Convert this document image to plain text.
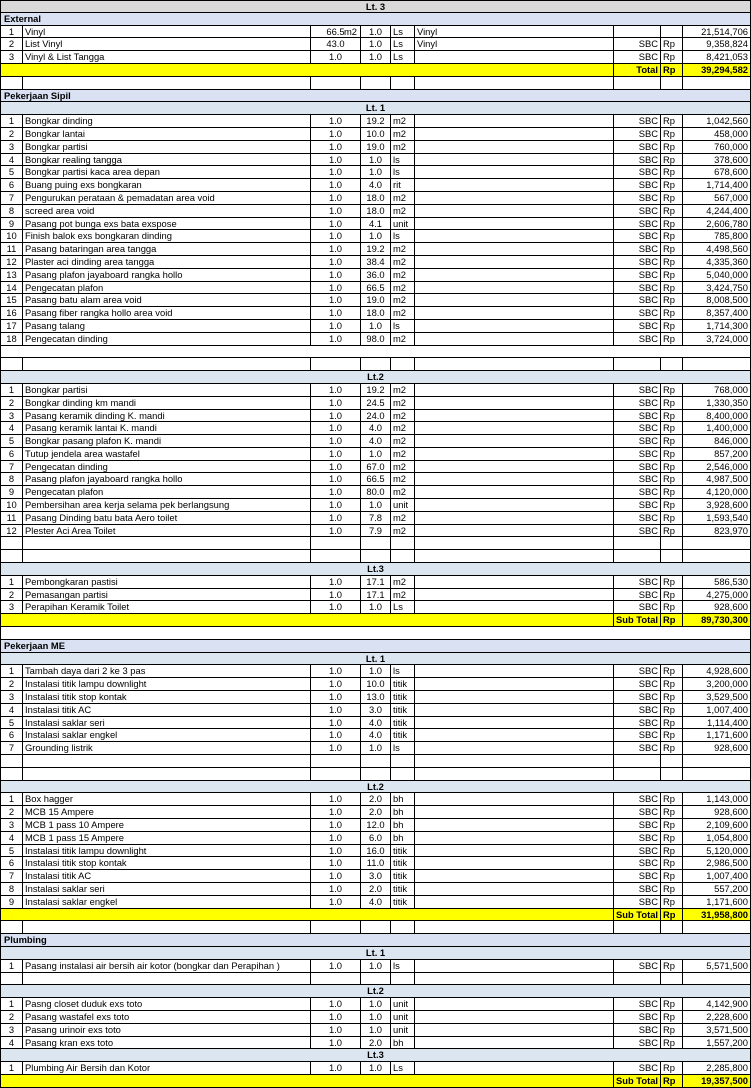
Lt. 3
External
1	Vinyl	66.5 m2	1.0	Ls	Vinyl	21,514,706
2	List Vinyl	43.0	1.0	Ls	Vinyl	SBC Rp	9,358,824
3	Vinyl & List Tangga	1.0	1.0	Ls	SBC Rp	8,421,053
Total Rp	39,294,582
Pekerjaan Sipil
Lt. 1
1	Bongkar dinding	1.0	19.2 m2	SBC Rp	1,042,560
2	Bongkar lantai	1.0	10.0 m2	SBC Rp	458,000
3	Bongkar partisi	1.0	19.0 m2	SBC Rp	760,000
4	Bongkar realing tangga	1.0	1.0	ls	SBC Rp	378,600
5	Bongkar partisi kaca area depan	1.0	1.0	ls	SBC Rp	678,600
6	Buang puing exs bongkaran	1.0	4.0	rit	SBC Rp	1,714,400
7	Pengurukan perataan & pemadatan area void	1.0	18.0 m2	SBC Rp	567,000
8	screed area void	1.0	18.0 m2	SBC Rp	4,244,400
9	Pasang pot bunga exs bata exspose	1.0	4.1	unit	SBC Rp	2,606,780
10 Finish balok exs bongkaran dinding	1.0	1.0	ls	SBC Rp	785,800
11 Pasang bataringan area tangga	1.0	19.2 m2	SBC Rp	4,498,560
12 Plaster aci dinding area tangga	1.0	38.4 m2	SBC Rp	4,335,360
13 Pasang plafon jayaboard rangka hollo	1.0	36.0 m2	SBC Rp	5,040,000
14 Pengecatan plafon	1.0	66.5 m2	SBC Rp	3,424,750
15 Pasang batu alam area void	1.0	19.0 m2	SBC Rp	8,008,500
16 Pasang fiber rangka hollo area void	1.0	18.0 m2	SBC Rp	8,357,400
17 Pasang talang	1.0	1.0	ls	SBC Rp	1,714,300
18 Pengecatan dinding	1.0	98.0 m2	SBC Rp	3,724,000
Lt.2
1	Bongkar partisi	1.0	19.2 m2	SBC Rp	768,000
2	Bongkar dinding km mandi	1.0	24.5 m2	SBC Rp	1,330,350
3	Pasang keramik dinding K. mandi	1.0	24.0 m2	SBC Rp	8,400,000
4	Pasang keramik lantai K. mandi	1.0	4.0	m2	SBC Rp	1,400,000
5	Bongkar pasang plafon K. mandi	1.0	4.0	m2	SBC Rp	846,000
6	Tutup jendela area wastafel	1.0	1.0	m2	SBC Rp	857,200
7	Pengecatan dinding	1.0	67.0 m2	SBC Rp	2,546,000
8	Pasang plafon jayaboard rangka hollo	1.0	66.5 m2	SBC Rp	4,987,500
9	Pengecatan plafon	1.0	80.0 m2	SBC Rp	4,120,000
10 Pembersihan area kerja selama pek berlangsung	1.0	1.0	unit	SBC Rp	3,928,600
11 Pasang Dinding batu bata Aero toilet	1.0	7.8	m2	SBC Rp	1,593,540
12 Plester Aci Area Toilet	1.0	7.9	m2	SBC Rp	823,970
Lt.3
1	Pembongkaran pastisi	1.0	17.1 m2	SBC Rp	586,530
2	Pemasangan partisi	1.0	17.1 m2	SBC Rp	4,275,000
3	Perapihan Keramik Toilet	1.0	1.0	Ls	SBC Rp	928,600
Sub Total Rp	89,730,300
Pekerjaan ME
Lt. 1
1	Tambah daya dari 2 ke 3 pas	1.0	1.0	ls	SBC Rp	4,928,600
2	Instalasi titik lampu downlight	1.0	10.0 titik	SBC Rp	3,200,000
3	Instalasi titik stop kontak	1.0	13.0 titik	SBC Rp	3,529,500
4	Instalasi titik AC	1.0	3.0	titik	SBC Rp	1,007,400
5	Instalasi saklar seri	1.0	4.0	titik	SBC Rp	1,114,400
6	Instalasi saklar engkel	1.0	4.0	titik	SBC Rp	1,171,600
7	Grounding listrik	1.0	1.0	ls	SBC Rp	928,600
Lt.2
1	Box hagger	1.0	2.0	bh	SBC Rp	1,143,000
2	MCB 15 Ampere	1.0	2.0	bh	SBC Rp	928,600
3	MCB 1 pass 10 Ampere	1.0	12.0 bh	SBC Rp	2,109,600
4	MCB 1 pass 15 Ampere	1.0	6.0	bh	SBC Rp	1,054,800
5	Instalasi titik lampu downlight	1.0	16.0 titik	SBC Rp	5,120,000
6	Instalasi titik stop kontak	1.0	11.0 titik	SBC Rp	2,986,500
7	Instalasi titik AC	1.0	3.0	titik	SBC Rp	1,007,400
8	Instalasi saklar seri	1.0	2.0	titik	SBC Rp	557,200
9	Instalasi saklar engkel	1.0	4.0	titik	SBC Rp	1,171,600
Sub Total Rp	31,958,800
Plumbing
Lt. 1
1	Pasang instalasi air bersih air kotor (bongkar dan Perapihan )	1.0	1.0	ls	SBC Rp	5,571,500
Lt.2
1	Pasng closet duduk exs toto	1.0	1.0	unit	SBC Rp	4,142,900
2	Pasang wastafel exs toto	1.0	1.0	unit	SBC Rp	2,228,600
3	Pasang urinoir exs toto	1.0	1.0	unit	SBC Rp	3,571,500
4	Pasang kran exs toto	1.0	2.0	bh	SBC Rp	1,557,200
Lt.3
1	Plumbing Air Bersih dan Kotor	1.0	1.0	Ls	SBC Rp	2,285,800
Sub Total Rp	19,357,500
